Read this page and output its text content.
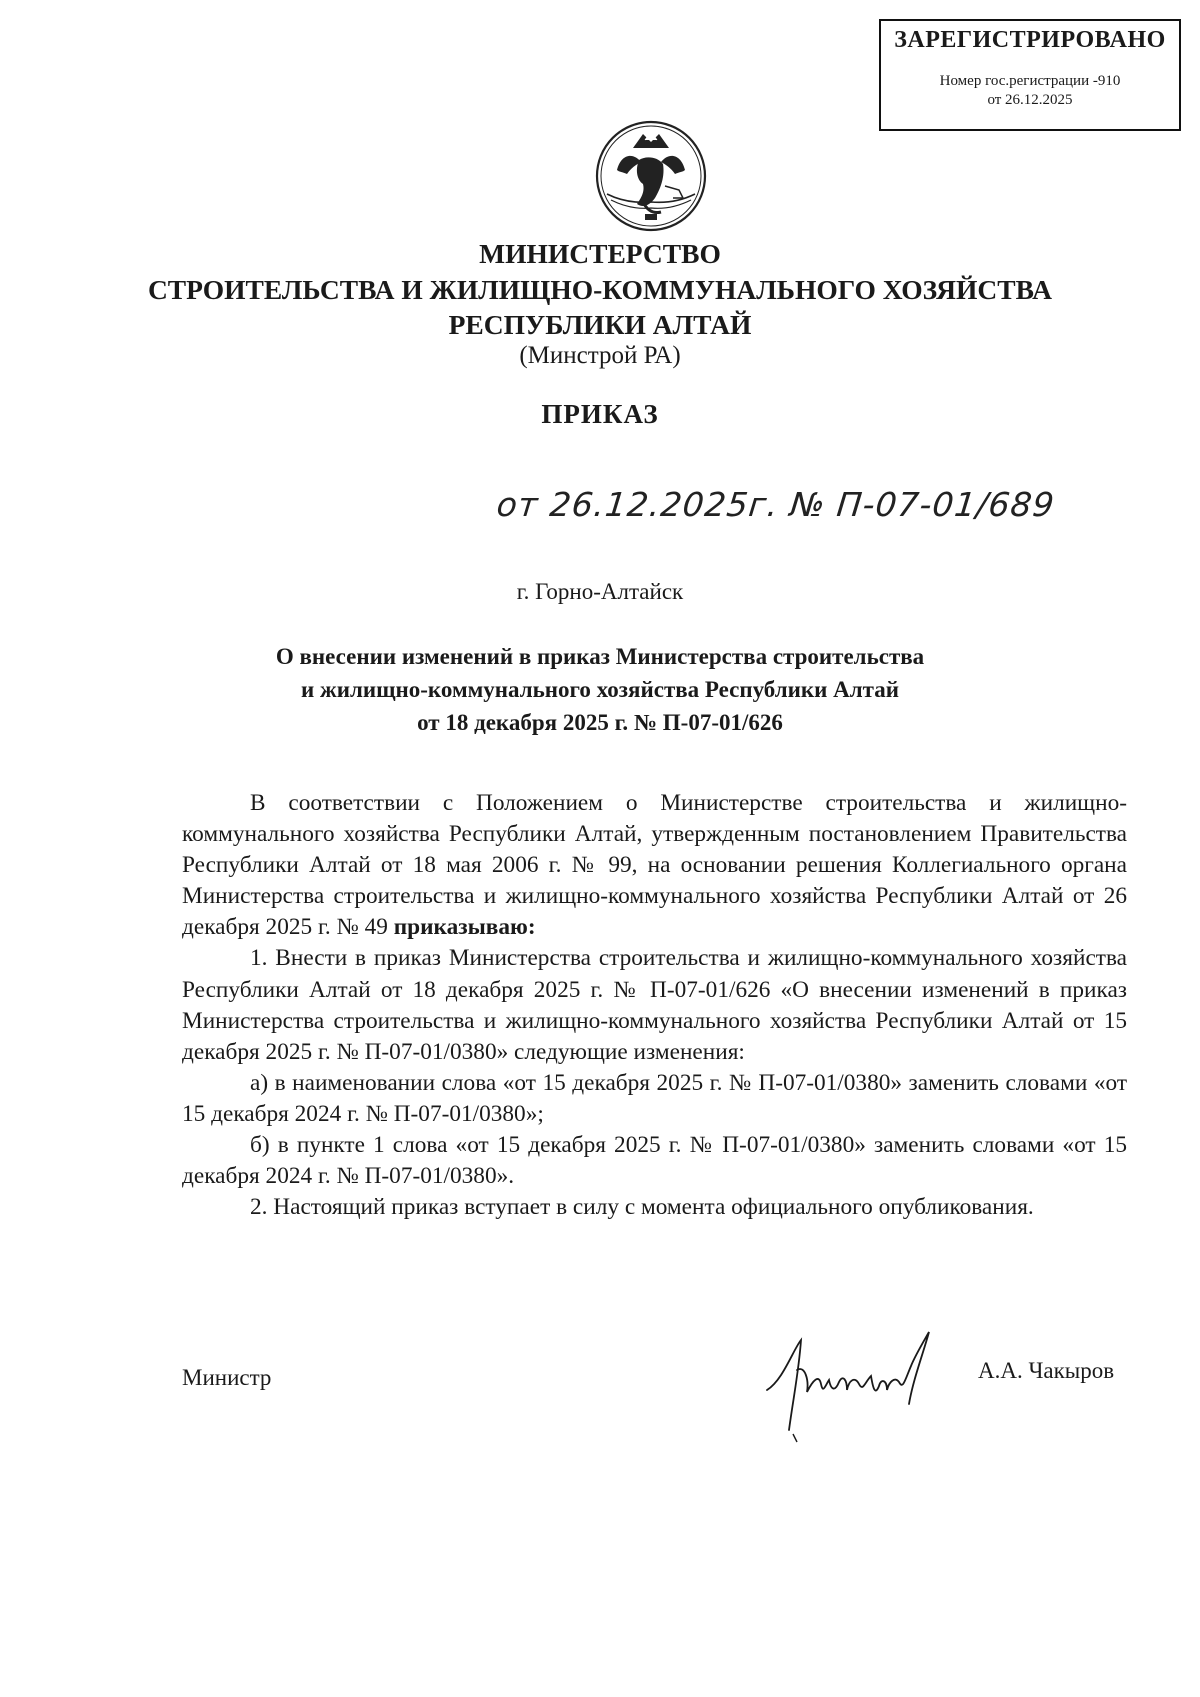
ЗАРЕГИСТРИРОВАНО
Номер гос.регистрации -910
от 26.12.2025
МИНИСТЕРСТВО
СТРОИТЕЛЬСТВА И ЖИЛИЩНО-КОММУНАЛЬНОГО ХОЗЯЙСТВА
РЕСПУБЛИКИ АЛТАЙ
(Минстрой РА)
ПРИКАЗ
от 26.12.2025г. № П-07-01/689
г. Горно-Алтайск
О внесении изменений в приказ Министерства строительства
и жилищно-коммунального хозяйства Республики Алтай
от 18 декабря 2025 г. № П-07-01/626

В соответствии с Положением о Министерстве строительства и жилищно-коммунального хозяйства Республики Алтай, утвержденным постановлением Правительства Республики Алтай от 18 мая 2006 г. № 99, на основании решения Коллегиального органа Министерства строительства и жилищно-коммунального хозяйства Республики Алтай от 26 декабря 2025 г. № 49 приказываю:

1. Внести в приказ Министерства строительства и жилищно-коммунального хозяйства Республики Алтай от 18 декабря 2025 г. № П-07-01/626 «О внесении изменений в приказ Министерства строительства и жилищно-коммунального хозяйства Республики Алтай от 15 декабря 2025 г. № П-07-01/0380» следующие изменения:

а) в наименовании слова «от 15 декабря 2025 г. № П-07-01/0380» заменить словами «от 15 декабря 2024 г. № П-07-01/0380»;

б) в пункте 1 слова «от 15 декабря 2025 г. № П-07-01/0380» заменить словами «от 15 декабря 2024 г. № П-07-01/0380».

2. Настоящий приказ вступает в силу с момента официального опубликования.

Министр	А.А. Чакыров
